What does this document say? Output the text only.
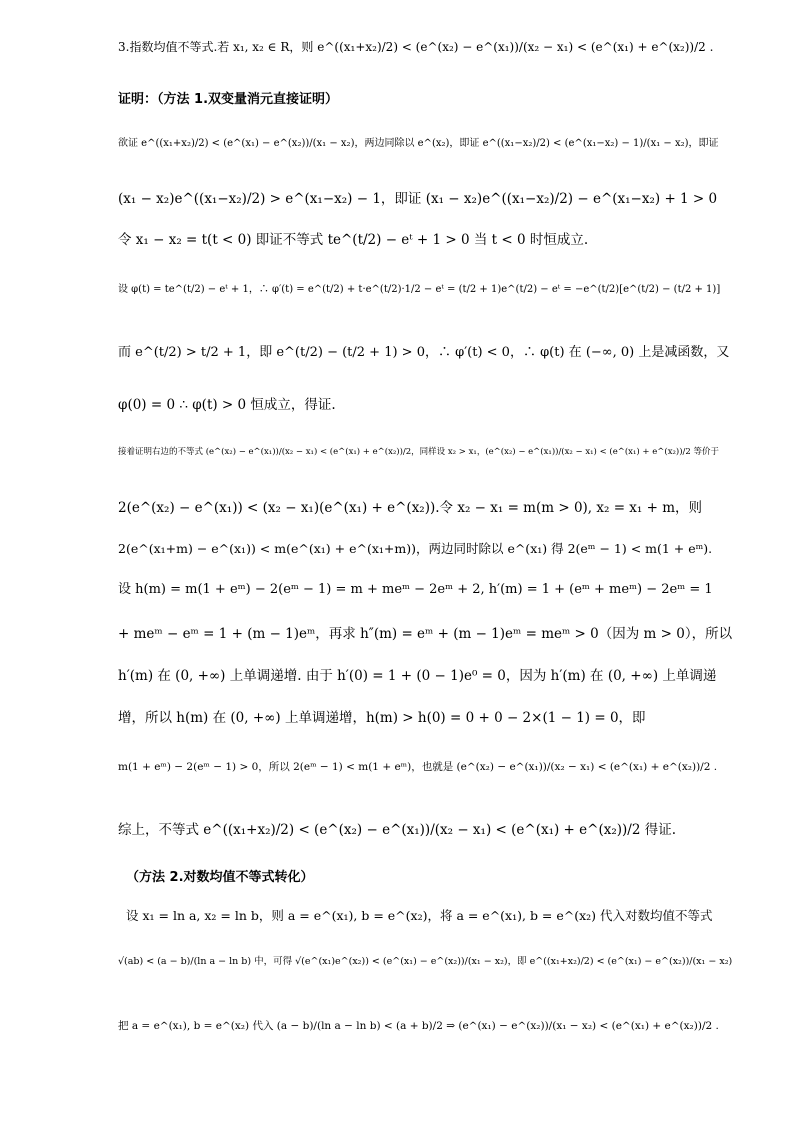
3.指数均值不等式.若 x₁, x₂ ∈ R，则 e^((x₁+x₂)/2) < (e^(x₂) − e^(x₁))/(x₂ − x₁) < (e^(x₁) + e^(x₂))/2 .
证明：（方法 1.双变量消元直接证明）
欲证 e^((x₁+x₂)/2) < (e^(x₁) − e^(x₂))/(x₁ − x₂)，两边同除以 e^(x₂)，即证 e^((x₁−x₂)/2) < (e^(x₁−x₂) − 1)/(x₁ − x₂)，即证
(x₁ − x₂)e^((x₁−x₂)/2) > e^(x₁−x₂) − 1，即证 (x₁ − x₂)e^((x₁−x₂)/2) − e^(x₁−x₂) + 1 > 0
令 x₁ − x₂ = t(t < 0) 即证不等式 te^(t/2) − eᵗ + 1 > 0 当 t < 0 时恒成立.
设 φ(t) = te^(t/2) − eᵗ + 1，∴ φ′(t) = e^(t/2) + t·e^(t/2)·1/2 − eᵗ = (t/2 + 1)e^(t/2) − eᵗ = −e^(t/2)[e^(t/2) − (t/2 + 1)]
而 e^(t/2) > t/2 + 1，即 e^(t/2) − (t/2 + 1) > 0，∴ φ′(t) < 0，∴ φ(t) 在 (−∞, 0) 上是减函数，又
φ(0) = 0 ∴ φ(t) > 0 恒成立，得证.
接着证明右边的不等式 (e^(x₂) − e^(x₁))/(x₂ − x₁) < (e^(x₁) + e^(x₂))/2，同样设 x₂ > x₁，(e^(x₂) − e^(x₁))/(x₂ − x₁) < (e^(x₁) + e^(x₂))/2 等价于
2(e^(x₂) − e^(x₁)) < (x₂ − x₁)(e^(x₁) + e^(x₂)).令 x₂ − x₁ = m(m > 0), x₂ = x₁ + m，则
2(e^(x₁+m) − e^(x₁)) < m(e^(x₁) + e^(x₁+m))，两边同时除以 e^(x₁) 得 2(eᵐ − 1) < m(1 + eᵐ).
设 h(m) = m(1 + eᵐ) − 2(eᵐ − 1) = m + meᵐ − 2eᵐ + 2, h′(m) = 1 + (eᵐ + meᵐ) − 2eᵐ = 1
+ meᵐ − eᵐ = 1 + (m − 1)eᵐ，再求 h″(m) = eᵐ + (m − 1)eᵐ = meᵐ > 0（因为 m > 0），所以
h′(m) 在 (0, +∞) 上单调递增. 由于 h′(0) = 1 + (0 − 1)e⁰ = 0，因为 h′(m) 在 (0, +∞) 上单调递
增，所以 h(m) 在 (0, +∞) 上单调递增，h(m) > h(0) = 0 + 0 − 2×(1 − 1) = 0，即
m(1 + eᵐ) − 2(eᵐ − 1) > 0，所以 2(eᵐ − 1) < m(1 + eᵐ)，也就是 (e^(x₂) − e^(x₁))/(x₂ − x₁) < (e^(x₁) + e^(x₂))/2 .
综上，不等式 e^((x₁+x₂)/2) < (e^(x₂) − e^(x₁))/(x₂ − x₁) < (e^(x₁) + e^(x₂))/2 得证.
（方法 2.对数均值不等式转化）
设 x₁ = ln a, x₂ = ln b，则 a = e^(x₁), b = e^(x₂)，将 a = e^(x₁), b = e^(x₂) 代入对数均值不等式
√(ab) < (a − b)/(ln a − ln b) 中，可得 √(e^(x₁)e^(x₂)) < (e^(x₁) − e^(x₂))/(x₁ − x₂)，即 e^((x₁+x₂)/2) < (e^(x₁) − e^(x₂))/(x₁ − x₂)
把 a = e^(x₁), b = e^(x₂) 代入 (a − b)/(ln a − ln b) < (a + b)/2 ⇒ (e^(x₁) − e^(x₂))/(x₁ − x₂) < (e^(x₁) + e^(x₂))/2 .
